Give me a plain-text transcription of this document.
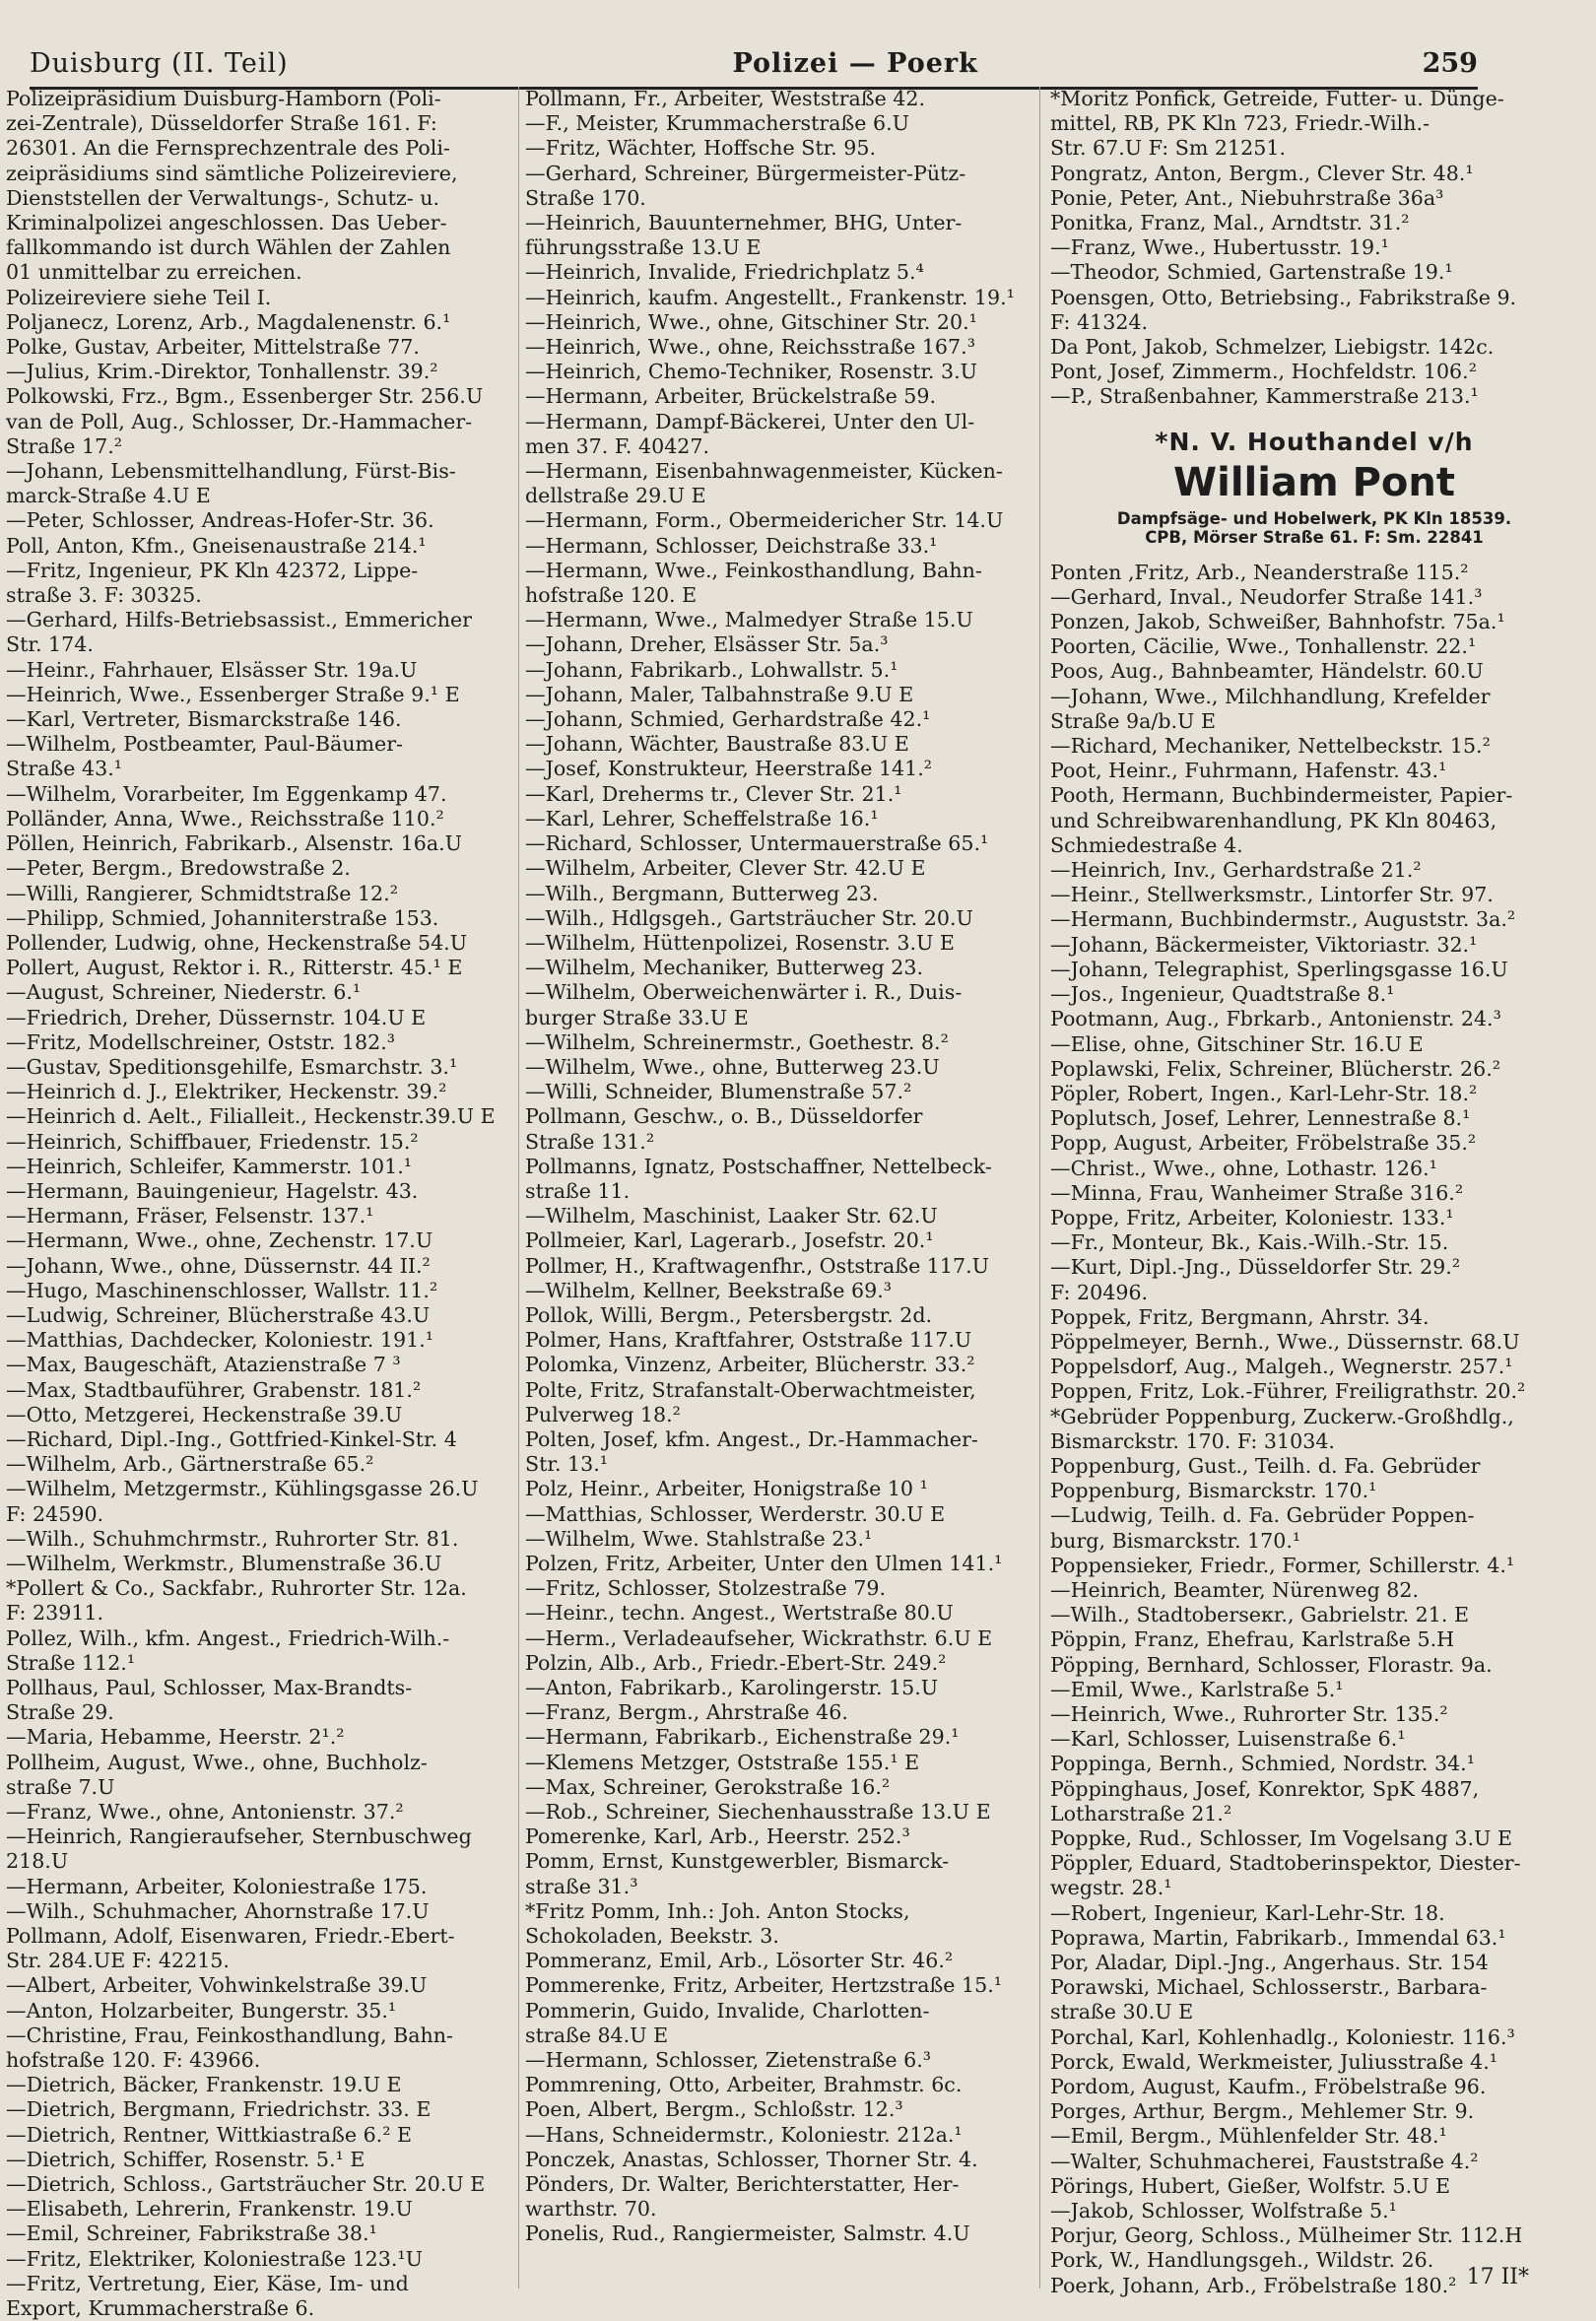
Duisburg (II. Teil)	Polizei — Poerk	259
Polizeipräsidium Duisburg-Hamborn (Poli-
zei-Zentrale), Düsseldorfer Straße 161. F:
26301. An die Fernsprechzentrale des Poli-
zeipräsidiums sind sämtliche Polizeireviere,
Dienststellen der Verwaltungs-, Schutz- u.
Kriminalpolizei angeschlossen. Das Ueber-
fallkommando ist durch Wählen der Zahlen
01 unmittelbar zu erreichen.
Polizeireviere siehe Teil I.
Poljanecz, Lorenz, Arb., Magdalenenstr. 6.¹
Polke, Gustav, Arbeiter, Mittelstraße 77.
—Julius, Krim.-Direktor, Tonhallenstr. 39.²
Polkowski, Frz., Bgm., Essenberger Str. 256.U
van de Poll, Aug., Schlosser, Dr.-Hammacher-
Straße 17.²
—Johann, Lebensmittelhandlung, Fürst-Bis-
marck-Straße 4.U E
—Peter, Schlosser, Andreas-Hofer-Str. 36.
Poll, Anton, Kfm., Gneisenaustraße 214.¹
—Fritz, Ingenieur, PK Kln 42372, Lippe-
straße 3. F: 30325.
—Gerhard, Hilfs-Betriebsassist., Emmericher
Str. 174.
—Heinr., Fahrhauer, Elsässer Str. 19a.U
—Heinrich, Wwe., Essenberger Straße 9.¹ E
—Karl, Vertreter, Bismarckstraße 146.
—Wilhelm, Postbeamter, Paul-Bäumer-
Straße 43.¹
—Wilhelm, Vorarbeiter, Im Eggenkamp 47.
Polländer, Anna, Wwe., Reichsstraße 110.²
Pöllen, Heinrich, Fabrikarb., Alsenstr. 16a.U
—Peter, Bergm., Bredowstraße 2.
—Willi, Rangierer, Schmidtstraße 12.²
—Philipp, Schmied, Johanniterstraße 153.
Pollender, Ludwig, ohne, Heckenstraße 54.U
Pollert, August, Rektor i. R., Ritterstr. 45.¹ E
—August, Schreiner, Niederstr. 6.¹
—Friedrich, Dreher, Düssernstr. 104.U E
—Fritz, Modellschreiner, Oststr. 182.³
—Gustav, Speditionsgehilfe, Esmarchstr. 3.¹
—Heinrich d. J., Elektriker, Heckenstr. 39.²
—Heinrich d. Aelt., Filialleit., Heckenstr.39.U E
—Heinrich, Schiffbauer, Friedenstr. 15.²
—Heinrich, Schleifer, Kammerstr. 101.¹
—Hermann, Bauingenieur, Hagelstr. 43.
—Hermann, Fräser, Felsenstr. 137.¹
—Hermann, Wwe., ohne, Zechenstr. 17.U
—Johann, Wwe., ohne, Düssernstr. 44 II.²
—Hugo, Maschinenschlosser, Wallstr. 11.²
—Ludwig, Schreiner, Blücherstraße 43.U
—Matthias, Dachdecker, Koloniestr. 191.¹
—Max, Baugeschäft, Atazienstraße 7 ³
—Max, Stadtbauführer, Grabenstr. 181.²
—Otto, Metzgerei, Heckenstraße 39.U
—Richard, Dipl.-Ing., Gottfried-Kinkel-Str. 4
—Wilhelm, Arb., Gärtnerstraße 65.²
—Wilhelm, Metzgermstr., Kühlingsgasse 26.U
F: 24590.
—Wilh., Schuhmchrmstr., Ruhrorter Str. 81.
—Wilhelm, Werkmstr., Blumenstraße 36.U
*Pollert & Co., Sackfabr., Ruhrorter Str. 12a.
F: 23911.
Pollez, Wilh., kfm. Angest., Friedrich-Wilh.-
Straße 112.¹
Pollhaus, Paul, Schlosser, Max-Brandts-
Straße 29.
—Maria, Hebamme, Heerstr. 2¹.²
Pollheim, August, Wwe., ohne, Buchholz-
straße 7.U
—Franz, Wwe., ohne, Antonienstr. 37.²
—Heinrich, Rangieraufseher, Sternbuschweg
218.U
—Hermann, Arbeiter, Koloniestraße 175.
—Wilh., Schuhmacher, Ahornstraße 17.U
Pollmann, Adolf, Eisenwaren, Friedr.-Ebert-
Str. 284.UE F: 42215.
—Albert, Arbeiter, Vohwinkelstraße 39.U
—Anton, Holzarbeiter, Bungerstr. 35.¹
—Christine, Frau, Feinkosthandlung, Bahn-
hofstraße 120. F: 43966.
—Dietrich, Bäcker, Frankenstr. 19.U E
—Dietrich, Bergmann, Friedrichstr. 33. E
—Dietrich, Rentner, Wittkiastraße 6.² E
—Dietrich, Schiffer, Rosenstr. 5.¹ E
—Dietrich, Schloss., Gartsträucher Str. 20.U E
—Elisabeth, Lehrerin, Frankenstr. 19.U
—Emil, Schreiner, Fabrikstraße 38.¹
—Fritz, Elektriker, Koloniestraße 123.¹U
—Fritz, Vertretung, Eier, Käse, Im- und
Export, Krummacherstraße 6.
Pollmann, Fr., Arbeiter, Weststraße 42.
—F., Meister, Krummacherstraße 6.U
—Fritz, Wächter, Hoffsche Str. 95.
—Gerhard, Schreiner, Bürgermeister-Pütz-
Straße 170.
—Heinrich, Bauunternehmer, BHG, Unter-
führungsstraße 13.U E
—Heinrich, Invalide, Friedrichplatz 5.⁴
—Heinrich, kaufm. Angestellt., Frankenstr. 19.¹
—Heinrich, Wwe., ohne, Gitschiner Str. 20.¹
—Heinrich, Wwe., ohne, Reichsstraße 167.³
—Heinrich, Chemo-Techniker, Rosenstr. 3.U
—Hermann, Arbeiter, Brückelstraße 59.
—Hermann, Dampf-Bäckerei, Unter den Ul-
men 37. F. 40427.
—Hermann, Eisenbahnwagenmeister, Kücken-
dellstraße 29.U E
—Hermann, Form., Obermeidericher Str. 14.U
—Hermann, Schlosser, Deichstraße 33.¹
—Hermann, Wwe., Feinkosthandlung, Bahn-
hofstraße 120. E
—Hermann, Wwe., Malmedyer Straße 15.U
—Johann, Dreher, Elsässer Str. 5a.³
—Johann, Fabrikarb., Lohwallstr. 5.¹
—Johann, Maler, Talbahnstraße 9.U E
—Johann, Schmied, Gerhardstraße 42.¹
—Johann, Wächter, Baustraße 83.U E
—Josef, Konstrukteur, Heerstraße 141.²
—Karl, Dreherms tr., Clever Str. 21.¹
—Karl, Lehrer, Scheffelstraße 16.¹
—Richard, Schlosser, Untermauerstraße 65.¹
—Wilhelm, Arbeiter, Clever Str. 42.U E
—Wilh., Bergmann, Butterweg 23.
—Wilh., Hdlgsgeh., Gartsträucher Str. 20.U
—Wilhelm, Hüttenpolizei, Rosenstr. 3.U E
—Wilhelm, Mechaniker, Butterweg 23.
—Wilhelm, Oberweichenwärter i. R., Duis-
burger Straße 33.U E
—Wilhelm, Schreinermstr., Goethestr. 8.²
—Wilhelm, Wwe., ohne, Butterweg 23.U
—Willi, Schneider, Blumenstraße 57.²
Pollmann, Geschw., o. B., Düsseldorfer
Straße 131.²
Pollmanns, Ignatz, Postschaffner, Nettelbeck-
straße 11.
—Wilhelm, Maschinist, Laaker Str. 62.U
Pollmeier, Karl, Lagerarb., Josefstr. 20.¹
Pollmer, H., Kraftwagenfhr., Oststraße 117.U
—Wilhelm, Kellner, Beekstraße 69.³
Pollok, Willi, Bergm., Petersbergstr. 2d.
Polmer, Hans, Kraftfahrer, Oststraße 117.U
Polomka, Vinzenz, Arbeiter, Blücherstr. 33.²
Polte, Fritz, Strafanstalt-Oberwachtmeister,
Pulverweg 18.²
Polten, Josef, kfm. Angest., Dr.-Hammacher-
Str. 13.¹
Polz, Heinr., Arbeiter, Honigstraße 10 ¹
—Matthias, Schlosser, Werderstr. 30.U E
—Wilhelm, Wwe. Stahlstraße 23.¹
Polzen, Fritz, Arbeiter, Unter den Ulmen 141.¹
—Fritz, Schlosser, Stolzestraße 79.
—Heinr., techn. Angest., Wertstraße 80.U
—Herm., Verladeaufseher, Wickrathstr. 6.U E
Polzin, Alb., Arb., Friedr.-Ebert-Str. 249.²
—Anton, Fabrikarb., Karolingerstr. 15.U
—Franz, Bergm., Ahrstraße 46.
—Hermann, Fabrikarb., Eichenstraße 29.¹
—Klemens Metzger, Oststraße 155.¹ E
—Max, Schreiner, Gerokstraße 16.²
—Rob., Schreiner, Siechenhausstraße 13.U E
Pomerenke, Karl, Arb., Heerstr. 252.³
Pomm, Ernst, Kunstgewerbler, Bismarck-
straße 31.³
*Fritz Pomm, Inh.: Joh. Anton Stocks,
Schokoladen, Beekstr. 3.
Pommeranz, Emil, Arb., Lösorter Str. 46.²
Pommerenke, Fritz, Arbeiter, Hertzstraße 15.¹
Pommerin, Guido, Invalide, Charlotten-
straße 84.U E
—Hermann, Schlosser, Zietenstraße 6.³
Pommrening, Otto, Arbeiter, Brahmstr. 6c.
Poen, Albert, Bergm., Schloßstr. 12.³
—Hans, Schneidermstr., Koloniestr. 212a.¹
Ponczek, Anastas, Schlosser, Thorner Str. 4.
Pönders, Dr. Walter, Berichterstatter, Her-
warthstr. 70.
Ponelis, Rud., Rangiermeister, Salmstr. 4.U
*Moritz Ponfick, Getreide, Futter- u. Dünge-
mittel, RB, PK Kln 723, Friedr.-Wilh.-
Str. 67.U F: Sm 21251.
Pongratz, Anton, Bergm., Clever Str. 48.¹
Ponie, Peter, Ant., Niebuhrstraße 36a³
Ponitka, Franz, Mal., Arndtstr. 31.²
—Franz, Wwe., Hubertusstr. 19.¹
—Theodor, Schmied, Gartenstraße 19.¹
Poensgen, Otto, Betriebsing., Fabrikstraße 9.
F: 41324.
Da Pont, Jakob, Schmelzer, Liebigstr. 142c.
Pont, Josef, Zimmerm., Hochfeldstr. 106.²
—P., Straßenbahner, Kammerstraße 213.¹
*N. V. Houthandel v/h
William Pont
Dampfsäge- und Hobelwerk, PK Kln 18539.
CPB, Mörser Straße 61. F: Sm. 22841
Ponten ,Fritz, Arb., Neanderstraße 115.²
—Gerhard, Inval., Neudorfer Straße 141.³
Ponzen, Jakob, Schweißer, Bahnhofstr. 75a.¹
Poorten, Cäcilie, Wwe., Tonhallenstr. 22.¹
Poos, Aug., Bahnbeamter, Händelstr. 60.U
—Johann, Wwe., Milchhandlung, Krefelder
Straße 9a/b.U E
—Richard, Mechaniker, Nettelbeckstr. 15.²
Poot, Heinr., Fuhrmann, Hafenstr. 43.¹
Pooth, Hermann, Buchbindermeister, Papier-
und Schreibwarenhandlung, PK Kln 80463,
Schmiedestraße 4.
—Heinrich, Inv., Gerhardstraße 21.²
—Heinr., Stellwerksmstr., Lintorfer Str. 97.
—Hermann, Buchbindermstr., Auguststr. 3a.²
—Johann, Bäckermeister, Viktoriastr. 32.¹
—Johann, Telegraphist, Sperlingsgasse 16.U
—Jos., Ingenieur, Quadtstraße 8.¹
Pootmann, Aug., Fbrkarb., Antonienstr. 24.³
—Elise, ohne, Gitschiner Str. 16.U E
Poplawski, Felix, Schreiner, Blücherstr. 26.²
Pöpler, Robert, Ingen., Karl-Lehr-Str. 18.²
Poplutsch, Josef, Lehrer, Lennestraße 8.¹
Popp, August, Arbeiter, Fröbelstraße 35.²
—Christ., Wwe., ohne, Lothastr. 126.¹
—Minna, Frau, Wanheimer Straße 316.²
Poppe, Fritz, Arbeiter, Koloniestr. 133.¹
—Fr., Monteur, Bk., Kais.-Wilh.-Str. 15.
—Kurt, Dipl.-Jng., Düsseldorfer Str. 29.²
F: 20496.
Poppek, Fritz, Bergmann, Ahrstr. 34.
Pöppelmeyer, Bernh., Wwe., Düssernstr. 68.U
Poppelsdorf, Aug., Malgeh., Wegnerstr. 257.¹
Poppen, Fritz, Lok.-Führer, Freiligrathstr. 20.²
*Gebrüder Poppenburg, Zuckerw.-Großhdlg.,
Bismarckstr. 170. F: 31034.
Poppenburg, Gust., Teilh. d. Fa. Gebrüder
Poppenburg, Bismarckstr. 170.¹
—Ludwig, Teilh. d. Fa. Gebrüder Poppen-
burg, Bismarckstr. 170.¹
Poppensieker, Friedr., Former, Schillerstr. 4.¹
—Heinrich, Beamter, Nürenweg 82.
—Wilh., Stadtoberseкr., Gabrielstr. 21. E
Pöppin, Franz, Ehefrau, Karlstraße 5.H
Pöpping, Bernhard, Schlosser, Florastr. 9a.
—Emil, Wwe., Karlstraße 5.¹
—Heinrich, Wwe., Ruhrorter Str. 135.²
—Karl, Schlosser, Luisenstraße 6.¹
Poppinga, Bernh., Schmied, Nordstr. 34.¹
Pöppinghaus, Josef, Konrektor, SpK 4887,
Lotharstraße 21.²
Poppke, Rud., Schlosser, Im Vogelsang 3.U E
Pöppler, Eduard, Stadtoberinspektor, Diester-
wegstr. 28.¹
—Robert, Ingenieur, Karl-Lehr-Str. 18.
Poprawa, Martin, Fabrikarb., Immendal 63.¹
Por, Aladar, Dipl.-Jng., Angerhaus. Str. 154
Porawski, Michael, Schlosserstr., Barbara-
straße 30.U E
Porchal, Karl, Kohlenhadlg., Koloniestr. 116.³
Porck, Ewald, Werkmeister, Juliusstraße 4.¹
Pordom, August, Kaufm., Fröbelstraße 96.
Porges, Arthur, Bergm., Mehlemer Str. 9.
—Emil, Bergm., Mühlenfelder Str. 48.¹
—Walter, Schuhmacherei, Fauststraße 4.²
Pörings, Hubert, Gießer, Wolfstr. 5.U E
—Jakob, Schlosser, Wolfstraße 5.¹
Porjur, Georg, Schloss., Mülheimer Str. 112.H
Pork, W., Handlungsgeh., Wildstr. 26.
Poerk, Johann, Arb., Fröbelstraße 180.² 17 II*
